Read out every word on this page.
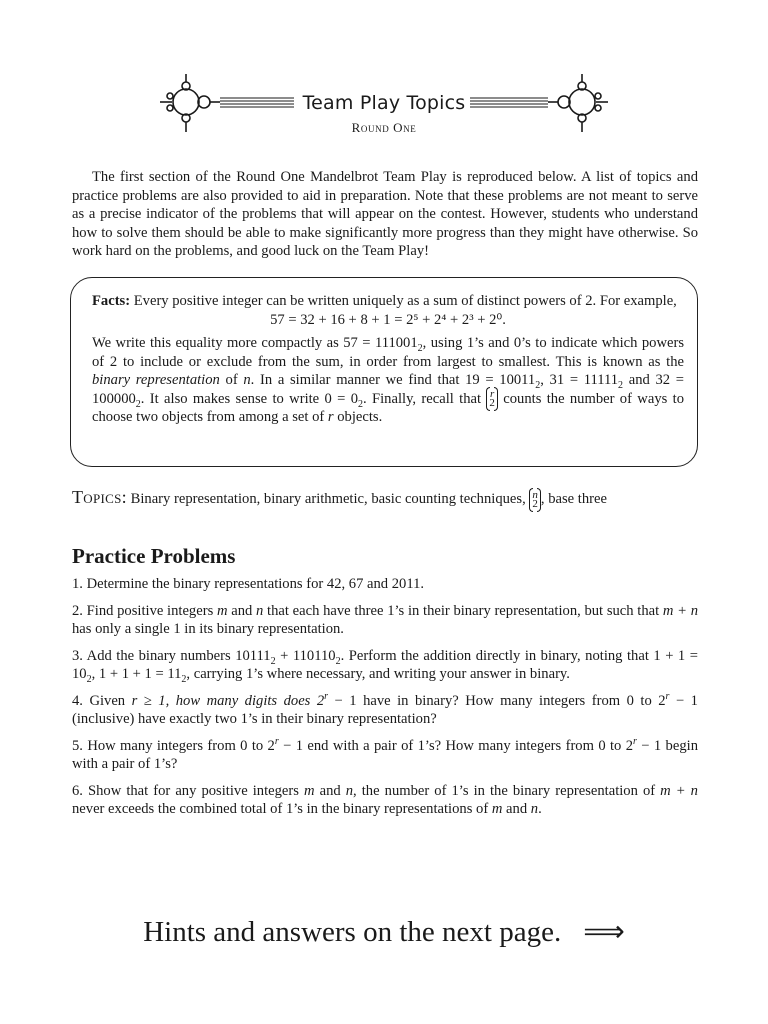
Team Play Topics
Round One
The first section of the Round One Mandelbrot Team Play is reproduced below. A list of topics and practice problems are also provided to aid in preparation. Note that these problems are not meant to serve as a precise indicator of the problems that will appear on the contest. However, students who understand how to solve them should be able to make significantly more progress than they might have otherwise. So work hard on the problems, and good luck on the Team Play!

Facts: Every positive integer can be written uniquely as a sum of distinct powers of 2. For example,

57 = 32 + 16 + 8 + 1 = 2⁵ + 2⁴ + 2³ + 2⁰.

We write this equality more compactly as $57 = 111001_2$, using 1’s and 0’s to indicate which powers of 2 to include or exclude from the sum, in order from largest to smallest. This is known as the binary representation of n. In a similar manner we find that $19 = 10011_2$, $31 = 11111_2$ and $32 = 100000_2$. It also makes sense to write $0 = 0_2$. Finally, recall that r
2 counts the number of ways to choose two objects from among a set of r objects.

Topics: Binary representation, binary arithmetic, basic counting techniques, n
2 , base three
Practice Problems

1. Determine the binary representations for 42, 67 and 2011.

2. Find positive integers m and n that each have three 1’s in their binary representation, but such that m + n has only a single 1 in its binary representation.

3. Add the binary numbers $10111_2 + 110110_2$. Perform the addition directly in binary, noting that $1 + 1 = 10_2$, $1 + 1 + 1 = 11_2$, carrying 1’s where necessary, and writing your answer in binary.

4. Given r ≥ 1, how many digits does $2^r - 1$ have in binary? How many integers from 0 to $2^r - 1$ (inclusive) have exactly two 1’s in their binary representation?

5. How many integers from 0 to $2^r - 1$ end with a pair of 1’s? How many integers from 0 to $2^r - 1$ begin with a pair of 1’s?

6. Show that for any positive integers m and n, the number of 1’s in the binary representation of m + n never exceeds the combined total of 1’s in the binary representations of m and n.

Hints and answers on the next page. ⟹
